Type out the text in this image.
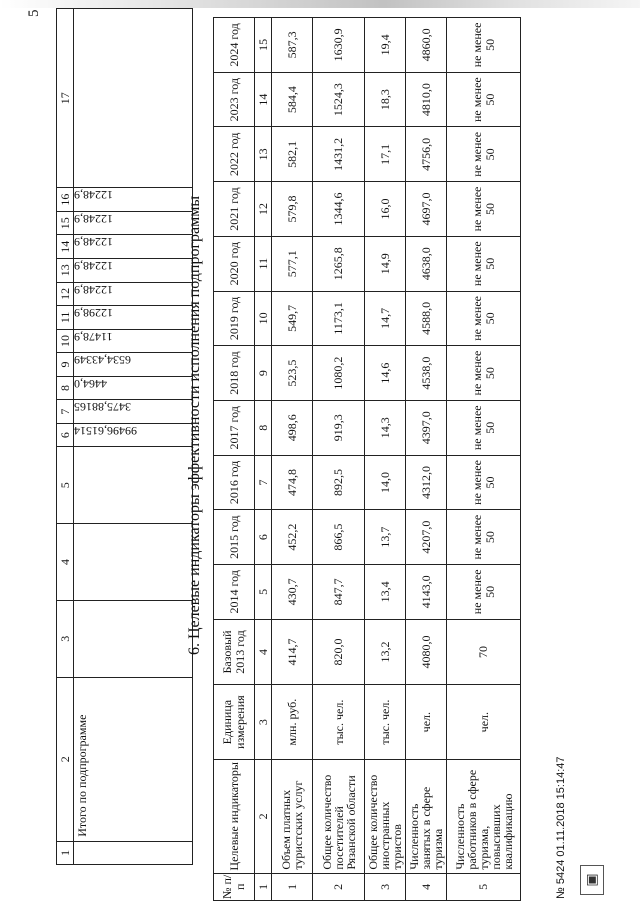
5
1	2	3	4	5	6	7	8	9	10	11	12	13	14	15	16	17
	Итого по подпрограмме				99496,61514	3475,88165	4464,0	6534,43349	11478,9	12298,9	12248,9	12248,9	12248,9	12248,9	12248,9	

6. Целевые индикаторы эффективности исполнения подпрограммы
№ п/п	Целевые индикаторы	Единица измерения	Базовый 2013 год	2014 год	2015 год	2016 год	2017 год	2018 год	2019 год	2020 год	2021 год	2022 год	2023 год	2024 год
1	2	3	4	5	6	7	8	9	10	11	12	13	14	15
1	Объем платных туристских услуг	млн. руб.	414,7	430,7	452,2	474,8	498,6	523,5	549,7	577,1	579,8	582,1	584,4	587,3
2	Общее количество посетителей Рязанской области	тыс. чел.	820,0	847,7	866,5	892,5	919,3	1080,2	1173,1	1265,8	1344,6	1431,2	1524,3	1630,9
3	Общее количество иностранных туристов	тыс. чел.	13,2	13,4	13,7	14,0	14,3	14,6	14,7	14,9	16,0	17,1	18,3	19,4
4	Численность занятых в сфере туризма	чел.	4080,0	4143,0	4207,0	4312,0	4397,0	4538,0	4588,0	4638,0	4697,0	4756,0	4810,0	4860,0
5	Численность работников в сфере туризма, повысивших квалификацию	чел.	70	не менее 50	не менее 50	не менее 50	не менее 50	не менее 50	не менее 50	не менее 50	не менее 50	не менее 50	не менее 50	не менее 50
№ 5424 01.11.2018 15:14:47	▣
